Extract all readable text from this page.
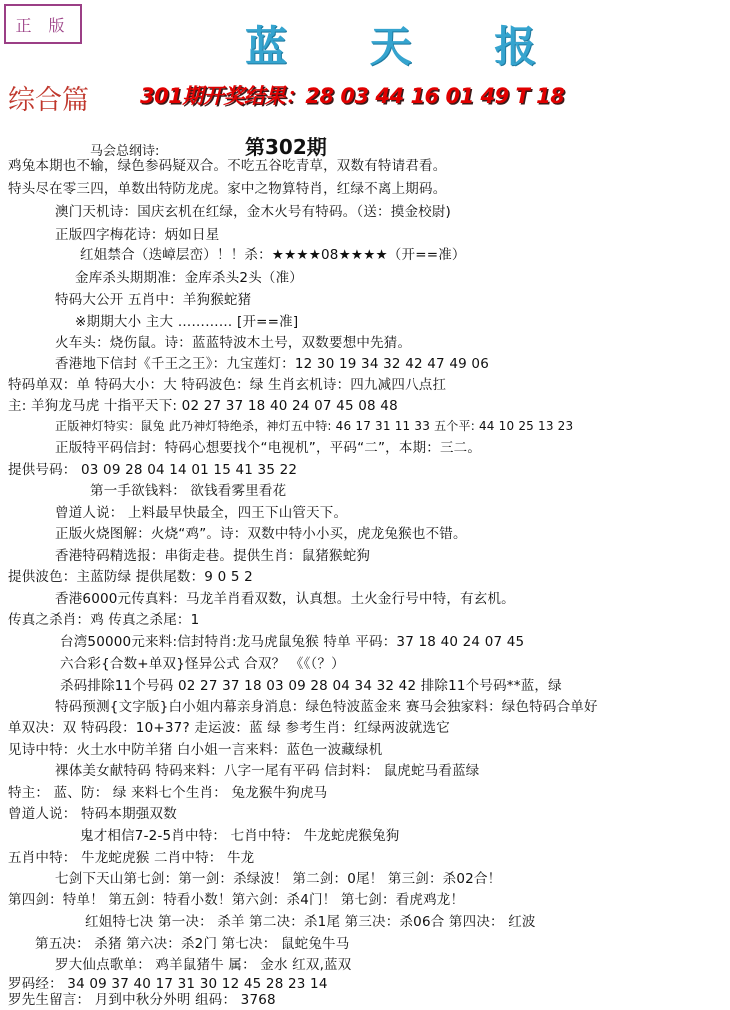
正 版	蓝 天 报
综合篇 301期开奖结果：28 03 44 16 01 49 T 18
第302期
马会总纲诗:
鸡兔本期也不输，绿色参码疑双合。不吃五谷吃青草，双数有特请君看。
特头尽在零三四，单数出特防龙虎。家中之物算特肖，红绿不离上期码。
澳门天机诗：国庆玄机在红绿，金木火号有特码。（送：摸金校尉)
正版四字梅花诗：炳如日星
红姐禁合（迭嶂层峦）！！杀：★★★★08★★★★（开==准）
金库杀头期期准：金库杀头2头（准）
特码大公开 五肖中：羊狗猴蛇猪
※期期大小 主大 ………… [开==准]
火车头：烧伤鼠。诗：蓝蓝特波木土号，双数要想中先猜。
香港地下信封《千王之王》：九宝莲灯：12 30 19 34 32 42 47 49 06
特码单双：单 特码大小：大 特码波色：绿 生肖玄机诗：四九减四八点扛
主: 羊狗龙马虎 十指平天下: 02 27 37 18 40 24 07 45 08 48
正版神灯特实：鼠兔 此乃神灯特绝杀，神灯五中特: 46 17 31 11 33 五个平: 44 10 25 13 23
正版特平码信封：特码心想要找个“电视机”，平码“二”，本期：三二。
提供号码： 03 09 28 04 14 01 15 41 35 22
第一手欲钱料： 欲钱看雾里看花
曾道人说： 上料最早快最全，四王下山管天下。
正版火烧图解：火烧“鸡”。诗：双数中特小小买，虎龙兔猴也不错。
香港特码精选报：串街走巷。提供生肖：鼠猪猴蛇狗
提供波色：主蓝防绿 提供尾数：9 0 5 2
香港6000元传真料：马龙羊肖看双数，认真想。土火金行号中特，有玄机。
传真之杀肖：鸡 传真之杀尾：1
台湾50000元来料:信封特肖:龙马虎鼠兔猴 特单 平码：37 18 40 24 07 45
六合彩{合数+单双}怪异公式 合双？ 《《（？）
杀码排除11个号码 02 27 37 18 03 09 28 04 34 32 42 排除11个号码**蓝，绿
特码预测{文字版}白小姐内幕亲身消息：绿色特波蓝金来 赛马会独家料：绿色特码合单好
单双决：双 特码段：10+37? 走运波：蓝 绿 参考生肖：红绿两波就选它
见诗中特：火土水中防羊猪 白小姐一言来料：蓝色一波藏绿机
裸体美女献特码 特码来料：八字一尾有平码 信封料： 鼠虎蛇马看蓝绿
特主： 蓝、防： 绿 来料七个生肖： 兔龙猴牛狗虎马
曾道人说： 特码本期强双数
鬼才相信7-2-5肖中特： 七肖中特： 牛龙蛇虎猴兔狗
五肖中特： 牛龙蛇虎猴 二肖中特： 牛龙
七剑下天山第七剑：第一剑：杀绿波！ 第二剑：0尾！ 第三剑：杀02合！
第四剑：特单！ 第五剑：特看小数！第六剑：杀4门！ 第七剑：看虎鸡龙！
红姐特七决 第一决： 杀羊 第二决：杀1尾 第三决：杀06合 第四决： 红波
第五决： 杀猪 第六决：杀2门 第七决： 鼠蛇兔牛马
罗大仙点歌单： 鸡羊鼠猪牛 属： 金水 红双,蓝双
罗码经： 34 09 37 40 17 31 30 12 45 28 23 14
罗先生留言： 月到中秋分外明 组码： 3768
